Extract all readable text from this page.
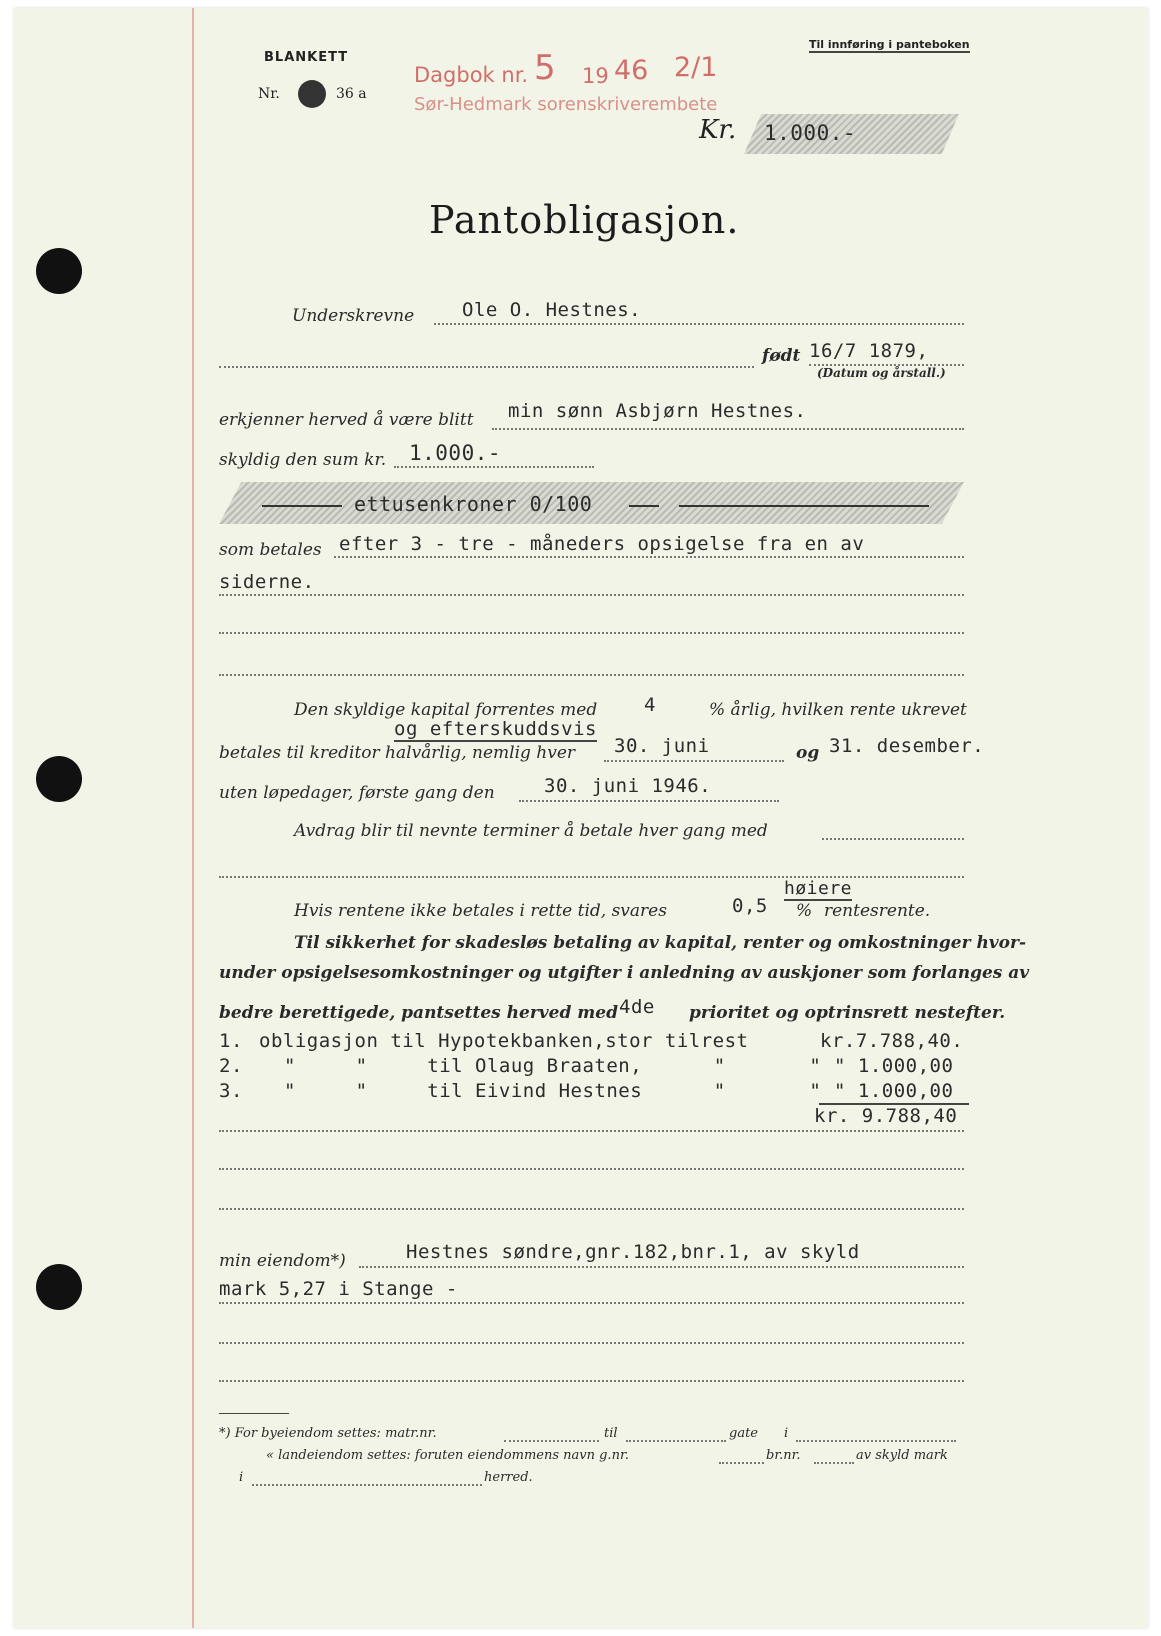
BLANKETT
Nr.	36 a
Til innføring i panteboken
Dagbok nr. 5 19 46 2/1
Sør-Hedmark sorenskriverembete
Kr. 1.000.-
Pantobligasjon.
Underskrevne	Ole O. Hestnes.
født 16/7 1879,
(Datum og årstall.)
erkjenner herved å være blitt min sønn Asbjørn Hestnes.
skyldig den sum kr. 1.000.-
ettusenkroner 0/100
som betales efter 3 - tre - måneders opsigelse fra en av
siderne.
Den skyldige kapital forrentes med 4	% årlig, hvilken rente ukrevet
og efterskuddsvis
betales til kreditor halvårlig, nemlig hver 30. juni	og 31. desember.
uten løpedager, første gang den	30. juni 1946.
Avdrag blir til nevnte terminer å betale hver gang med
høiere
Hvis rentene ikke betales i rette tid, svares	0,5 % rentesrente.
Til sikkerhet for skadesløs betaling av kapital, renter og omkostninger hvor-
under opsigelsesomkostninger og utgifter i anledning av auskjoner som forlanges av
bedre berettigede, pantsettes herved med 4de prioritet og optrinsrett nestefter.
1. obligasjon til Hypotekbanken,stor tilrest	kr.7.788,40.
2. "     "     til Olaug Braaten,      "       " " 1.000,00
3. "     "     til Eivind Hestnes      "       " " 1.000,00
kr. 9.788,40
min eiendom*)	Hestnes søndre,gnr.182,bnr.1, av skyld
mark 5,27 i Stange -
*) For byeiendom settes: matr.nr.	til	gate i
« landeiendom settes: foruten eiendommens navn g.nr.	br.nr.	av skyld mark
i	herred.
